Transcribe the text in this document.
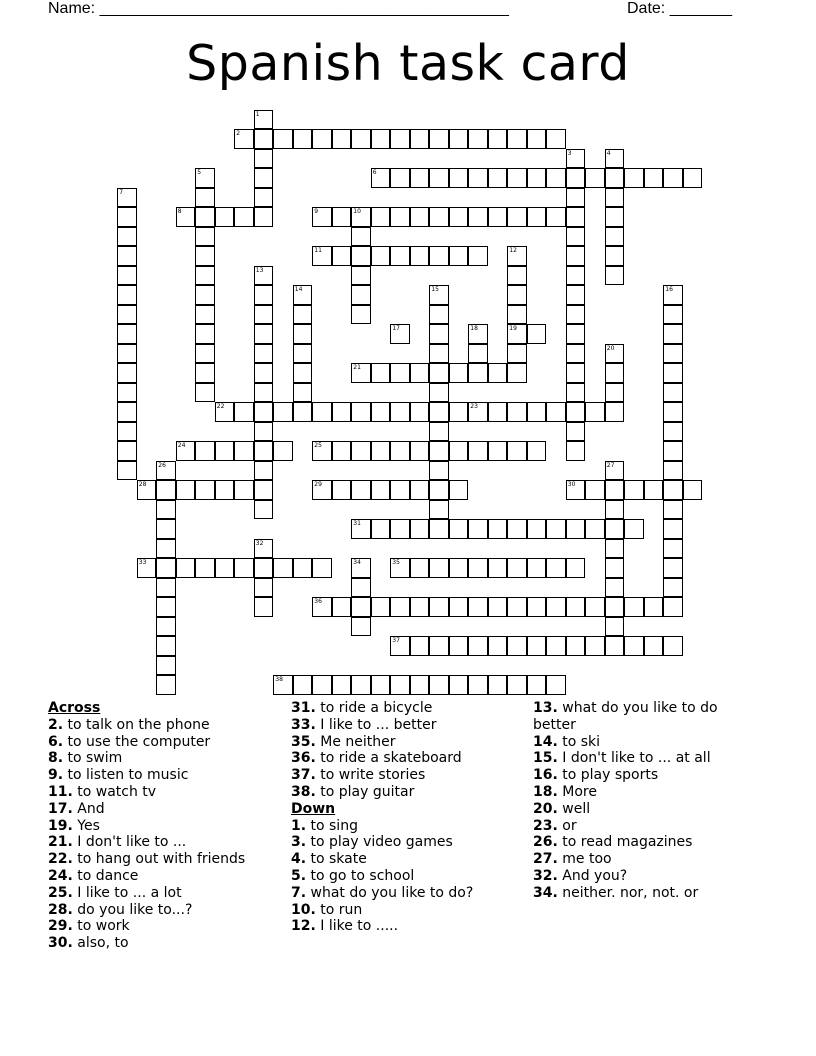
Name: ______________________________________________	Date: _______
Spanish task card
1
2
3	4
5	6
7
8	9	10
11	12
19
13
14	15	16
17	18
20
21
22	23
24	25
26	27
28	29	30
31
32
33	34	35
36
37
38
Across
2. to talk on the phone
6. to use the computer
8. to swim
9. to listen to music
11. to watch tv
17. And
19. Yes
21. I don't like to ...
22. to hang out with friends
24. to dance
25. I like to ... a lot
28. do you like to...?
29. to work
30. also, to
31. to ride a bicycle
33. I like to ... better
35. Me neither
36. to ride a skateboard
37. to write stories
38. to play guitar
Down
1. to sing
3. to play video games
4. to skate
5. to go to school
7. what do you like to do?
10. to run
12. I like to .....
13. what do you like to do better
14. to ski
15. I don't like to ... at all
16. to play sports
18. More
20. well
23. or
26. to read magazines
27. me too
32. And you?
34. neither. nor, not. or
